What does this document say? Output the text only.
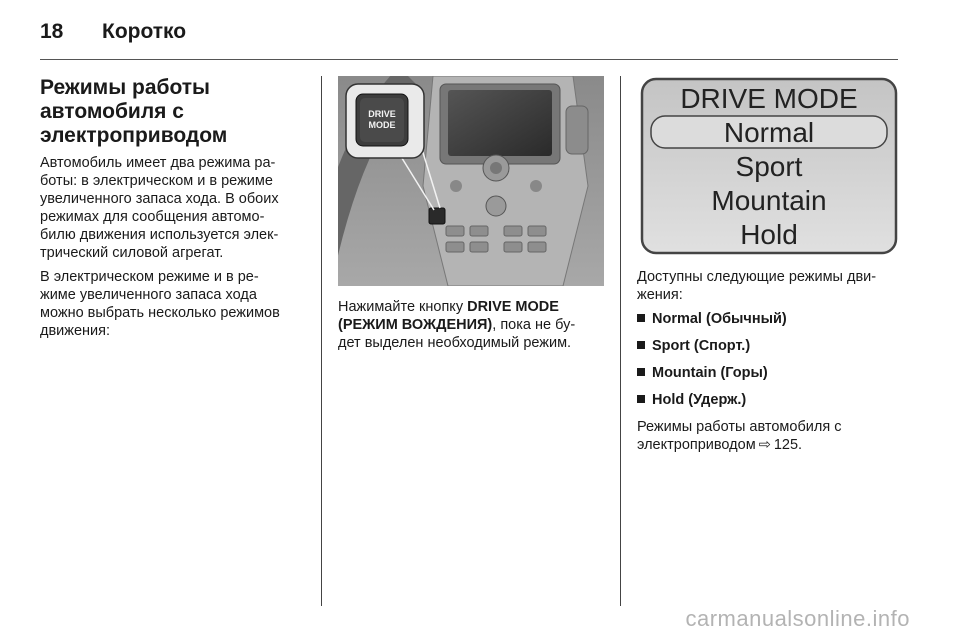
18	Коротко
Режимы работы
автомобиля с
электроприводом

Автомобиль имеет два режима ра-
боты: в электрическом и в режиме
увеличенного запаса хода. В обоих
режимах для сообщения автомо-
билю движения используется элек-
трический силовой агрегат.

В электрическом режиме и в ре-
жиме увеличенного запаса хода
можно выбрать несколько режимов
движения:

DRIVE
MODE

Нажимайте кнопку DRIVE MODE
(РЕЖИМ ВОЖДЕНИЯ), пока не бу-
дет выделен необходимый режим.

DRIVE MODE
Normal
Sport
Mountain
Hold

Доступны следующие режимы дви-
жения:

Normal (Обычный)
Sport (Спорт.)
Mountain (Горы)
Hold (Удерж.)

Режимы работы автомобиля с
электроприводом ⇨ 125.

carmanualsonline.info
